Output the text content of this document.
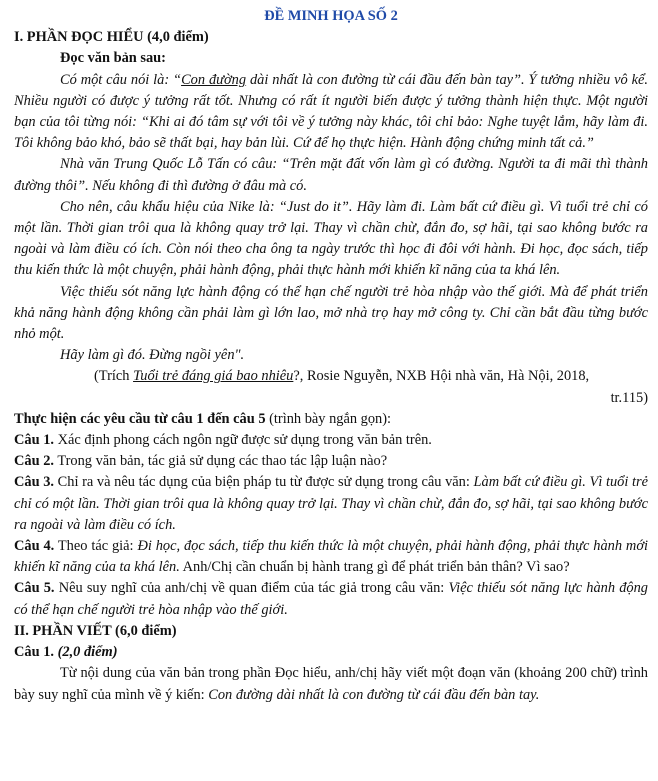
ĐỀ MINH HỌA SỐ 2

I. PHẦN ĐỌC HIỂU (4,0 điểm)

Đọc văn bản sau:

Có một câu nói là: “Con đường dài nhất là con đường từ cái đầu đến bàn tay”. Ý tưởng nhiều vô kể. Nhiều người có được ý tưởng rất tốt. Nhưng có rất ít người biến được ý tưởng thành hiện thực. Một người bạn của tôi từng nói: “Khi ai đó tâm sự với tôi về ý tưởng này khác, tôi chỉ bảo: Nghe tuyệt lắm, hãy làm đi. Tôi không bảo khó, bảo sẽ thất bại, hay bản lùi. Cứ để họ thực hiện. Hành động chứng minh tất cả.”

Nhà văn Trung Quốc Lỗ Tấn có câu: “Trên mặt đất vốn làm gì có đường. Người ta đi mãi thì thành đường thôi”. Nếu không đi thì đường ở đâu mà có.

Cho nên, câu khẩu hiệu của Nike là: “Just do it”. Hãy làm đi. Làm bất cứ điều gì. Vì tuổi trẻ chỉ có một lần. Thời gian trôi qua là không quay trở lại. Thay vì chần chừ, đắn đo, sợ hãi, tại sao không bước ra ngoài và làm điều có ích. Còn nói theo cha ông ta ngày trước thì học đi đôi với hành. Đi học, đọc sách, tiếp thu kiến thức là một chuyện, phải hành động, phải thực hành mới khiến kĩ năng của ta khá lên.

Việc thiếu sót năng lực hành động có thể hạn chế người trẻ hòa nhập vào thế giới. Mà để phát triển khả năng hành động không cần phải làm gì lớn lao, mở nhà trọ hay mở công ty. Chỉ cần bắt đầu từng bước nhỏ một.

Hãy làm gì đó. Đừng ngồi yên".

(Trích Tuổi trẻ đáng giá bao nhiêu?, Rosie Nguyễn, NXB Hội nhà văn, Hà Nội, 2018,

tr.115)

Thực hiện các yêu cầu từ câu 1 đến câu 5 (trình bày ngắn gọn):

Câu 1. Xác định phong cách ngôn ngữ được sử dụng trong văn bản trên.

Câu 2. Trong văn bản, tác giả sử dụng các thao tác lập luận nào?

Câu 3. Chỉ ra và nêu tác dụng của biện pháp tu từ được sử dụng trong câu văn: Làm bất cứ điều gì. Vì tuổi trẻ chỉ có một lần. Thời gian trôi qua là không quay trở lại. Thay vì chần chừ, đắn đo, sợ hãi, tại sao không bước ra ngoài và làm điều có ích.

Câu 4. Theo tác giả: Đi học, đọc sách, tiếp thu kiến thức là một chuyện, phải hành động, phải thực hành mới khiến kĩ năng của ta khá lên. Anh/Chị cần chuẩn bị hành trang gì để phát triển bản thân? Vì sao?

Câu 5. Nêu suy nghĩ của anh/chị về quan điểm của tác giả trong câu văn: Việc thiếu sót năng lực hành động có thể hạn chế người trẻ hòa nhập vào thế giới.

II. PHẦN VIẾT (6,0 điểm)

Câu 1. (2,0 điểm)

Từ nội dung của văn bản trong phần Đọc hiểu, anh/chị hãy viết một đoạn văn (khoảng 200 chữ) trình bày suy nghĩ của mình về ý kiến: Con đường dài nhất là con đường từ cái đầu đến bàn tay.
